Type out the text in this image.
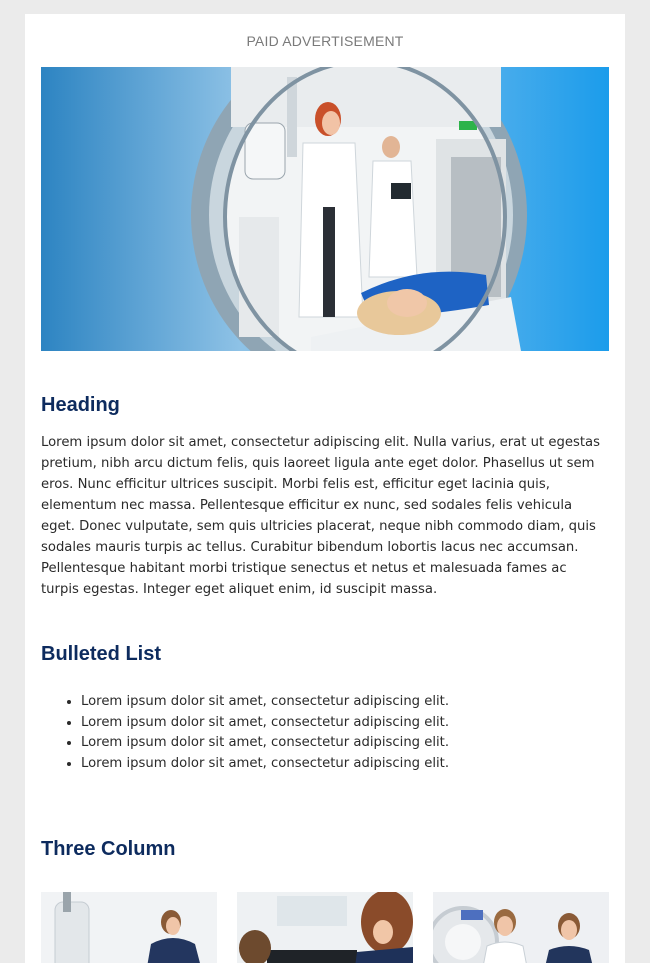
PAID ADVERTISEMENT
Heading

Lorem ipsum dolor sit amet, consectetur adipiscing elit. Nulla varius, erat ut egestas pretium, nibh arcu dictum felis, quis laoreet ligula ante eget dolor. Phasellus ut sem eros. Nunc efficitur ultrices suscipit. Morbi felis est, efficitur eget lacinia quis, elementum nec massa. Pellentesque efficitur ex nunc, sed sodales felis vehicula eget. Donec vulputate, sem quis ultricies placerat, neque nibh commodo diam, quis sodales mauris turpis ac tellus. Curabitur bibendum lobortis lacus nec accumsan. Pellentesque habitant morbi tristique senectus et netus et malesuada fames ac turpis egestas. Integer eget aliquet enim, id suscipit massa.

Bulleted List
• Lorem ipsum dolor sit amet, consectetur adipiscing elit.
• Lorem ipsum dolor sit amet, consectetur adipiscing elit.
• Lorem ipsum dolor sit amet, consectetur adipiscing elit.
• Lorem ipsum dolor sit amet, consectetur adipiscing elit.
Three Column
